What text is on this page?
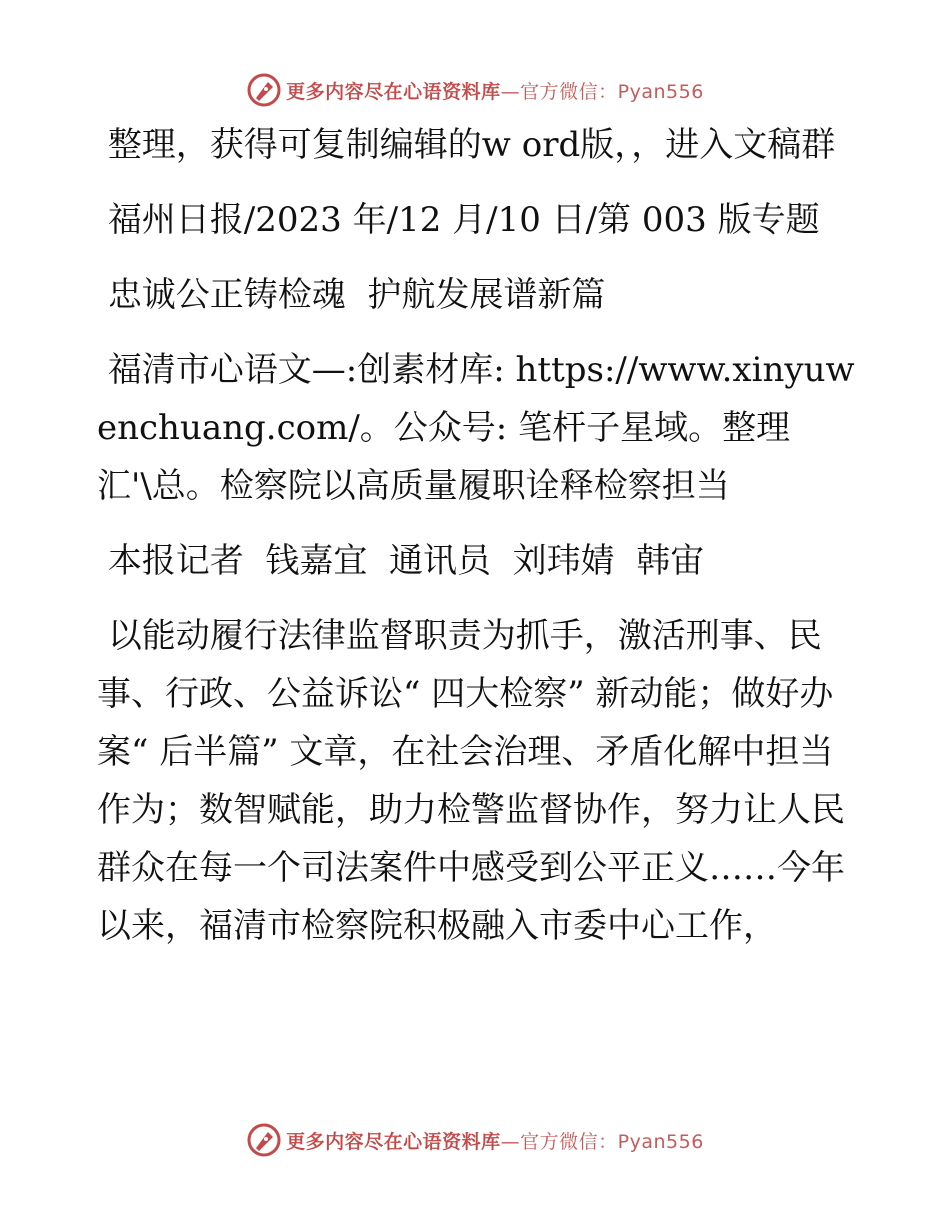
更多内容尽在心语资料库—官方微信：Pyan556

整理，获得可复制编辑的w ord版，，进入文稿群

福州日报/2023 年/12 月/10 日/第 003 版专题

忠诚公正铸检魂  护航发展谱新篇

福清市心语文—:创素材库: https://www.xinyuwenchuang.com/。公众号: 笔杆子星域。整理汇'\总。检察院以高质量履职诠释检察担当

本报记者  钱嘉宜  通讯员  刘玮婧  韩宙

以能动履行法律监督职责为抓手，激活刑事、民事、行政、公益诉讼“ 四大检察” 新动能；做好办案“ 后半篇” 文章，在社会治理、矛盾化解中担当作为；数智赋能，助力检警监督协作，努力让人民群众在每一个司法案件中感受到公平正义……今年以来，福清市检察院积极融入市委中心工作，

更多内容尽在心语资料库—官方微信：Pyan556
